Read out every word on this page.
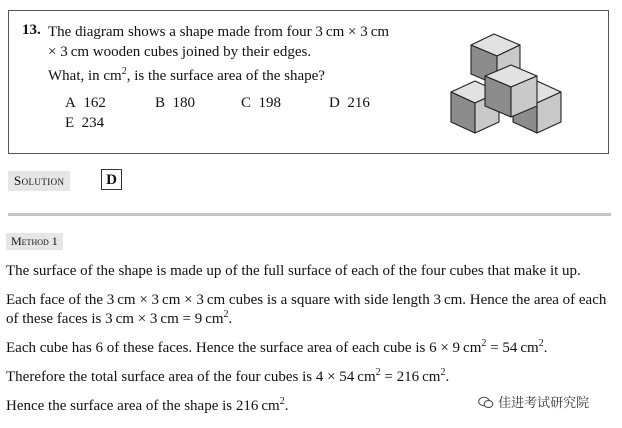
13. The diagram shows a shape made from four 3 cm × 3 cm × 3 cm wooden cubes joined by their edges.
What, in $cm^2$, is the surface area of the shape?
A 162	B 180	C 198	D 216
E 234
Solution	D
Method 1
The surface of the shape is made up of the full surface of each of the four cubes that make it up.
Each face of the 3 cm × 3 cm × 3 cm cubes is a square with side length 3 cm. Hence the area of each of these faces is 3 cm × 3 cm = 9 $cm^2$.
Each cube has 6 of these faces. Hence the surface area of each cube is 6 × 9 $cm^2 = 54$ $cm^2$.
Therefore the total surface area of the four cubes is 4 × 54 $cm^2 = 216$ $cm^2$.
Hence the surface area of the shape is 216 $cm^2$.	佳进考试研究院
